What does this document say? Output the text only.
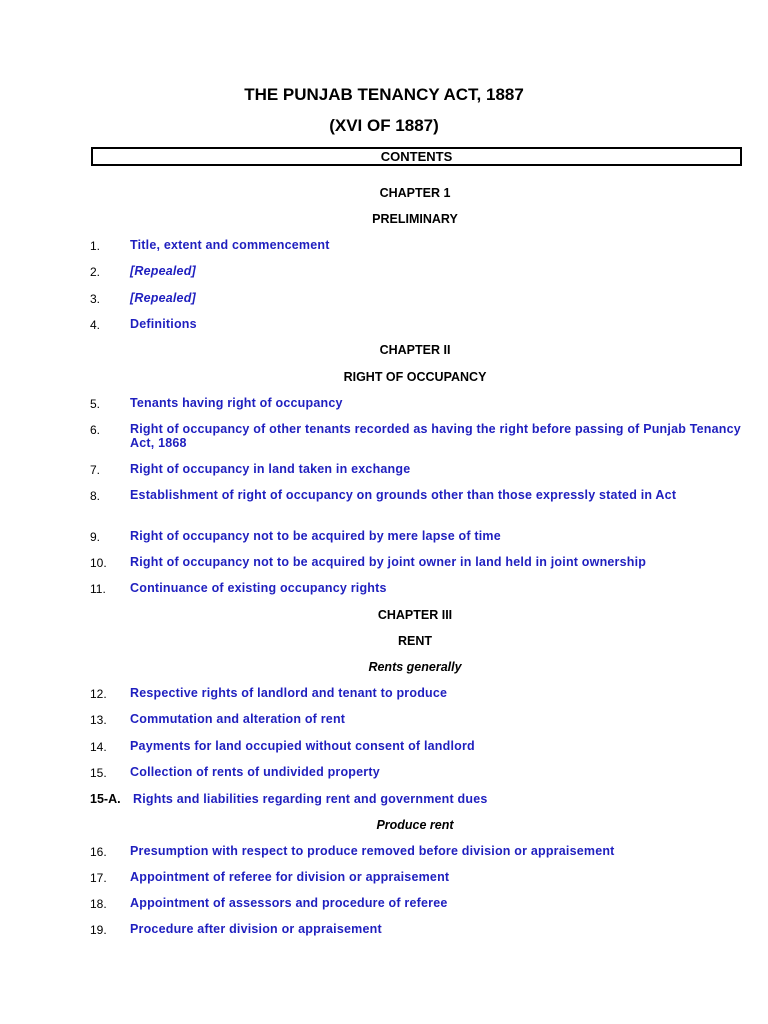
THE PUNJAB TENANCY ACT, 1887
(XVI OF 1887)
CONTENTS
CHAPTER 1
PRELIMINARY
1. Title, extent and commencement
2. [Repealed]
3. [Repealed]
4. Definitions
CHAPTER II
RIGHT OF OCCUPANCY
5. Tenants having right of occupancy
6. Right of occupancy of other tenants recorded as having the right before passing of Punjab Tenancy Act, 1868
7. Right of occupancy in land taken in exchange
8. Establishment of right of occupancy on grounds other than those expressly stated in Act
9. Right of occupancy not to be acquired by mere lapse of time
10. Right of occupancy not to be acquired by joint owner in land held in joint ownership
11. Continuance of existing occupancy rights
CHAPTER III
RENT
Rents generally
12. Respective rights of landlord and tenant to produce
13. Commutation and alteration of rent
14. Payments for land occupied without consent of landlord
15. Collection of rents of undivided property
15-A. Rights and liabilities regarding rent and government dues
Produce rent
16. Presumption with respect to produce removed before division or appraisement
17. Appointment of referee for division or appraisement
18. Appointment of assessors and procedure of referee
19. Procedure after division or appraisement
